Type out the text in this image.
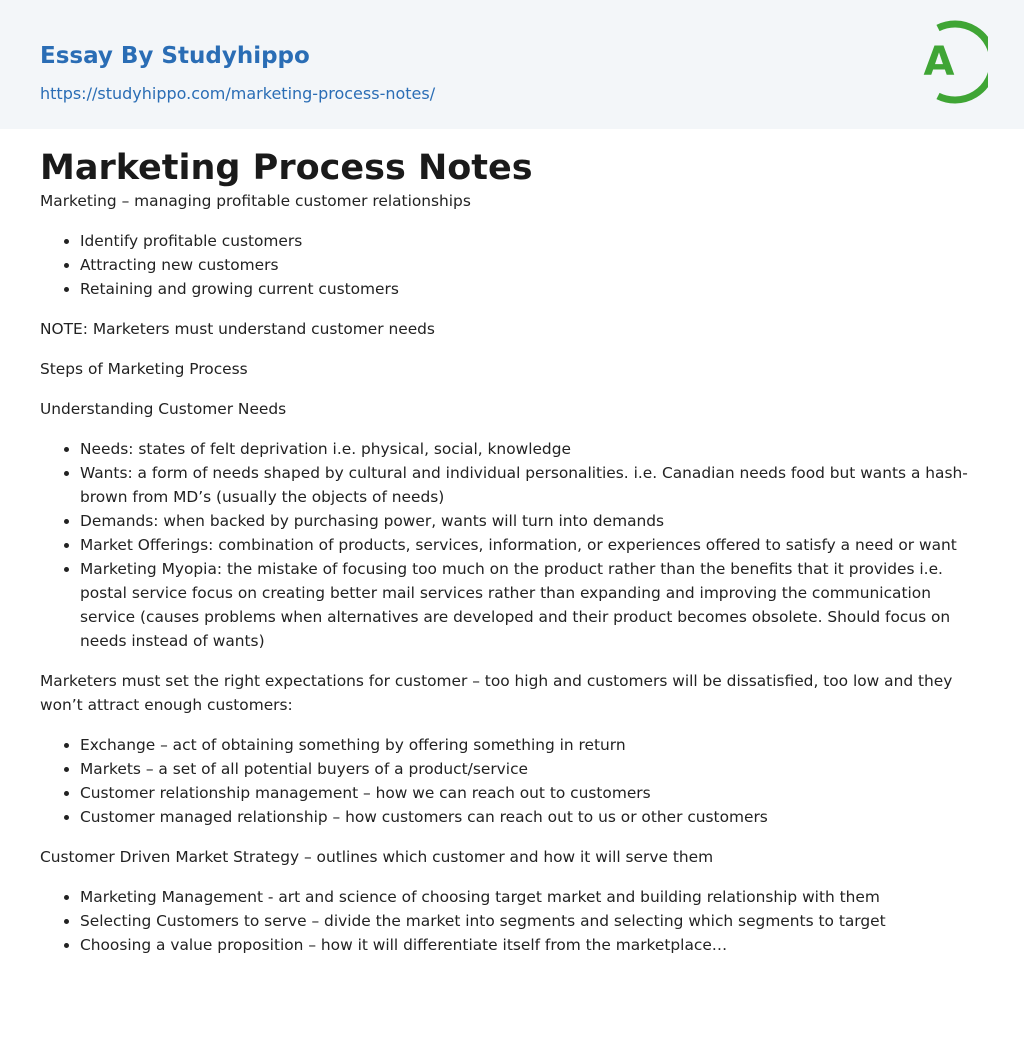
Essay By Studyhippo
https://studyhippo.com/marketing-process-notes/
A
Marketing Process Notes

Marketing – managing profitable customer relationships

• Identify profitable customers
• Attracting new customers
• Retaining and growing current customers

NOTE: Marketers must understand customer needs

Steps of Marketing Process

Understanding Customer Needs

• Needs: states of felt deprivation i.e. physical, social, knowledge
• Wants: a form of needs shaped by cultural and individual personalities. i.e. Canadian needs food but wants a hash-brown from MD’s (usually the objects of needs)
• Demands: when backed by purchasing power, wants will turn into demands
• Market Offerings: combination of products, services, information, or experiences offered to satisfy a need or want
• Marketing Myopia: the mistake of focusing too much on the product rather than the benefits that it provides i.e. postal service focus on creating better mail services rather than expanding and improving the communication service (causes problems when alternatives are developed and their product becomes obsolete. Should focus on needs instead of wants)

Marketers must set the right expectations for customer – too high and customers will be dissatisfied, too low and they won’t attract enough customers:

• Exchange – act of obtaining something by offering something in return
• Markets – a set of all potential buyers of a product/service
• Customer relationship management – how we can reach out to customers
• Customer managed relationship – how customers can reach out to us or other customers

Customer Driven Market Strategy – outlines which customer and how it will serve them

• Marketing Management - art and science of choosing target market and building relationship with them
• Selecting Customers to serve – divide the market into segments and selecting which segments to target
• Choosing a value proposition – how it will differentiate itself from the marketplace…
